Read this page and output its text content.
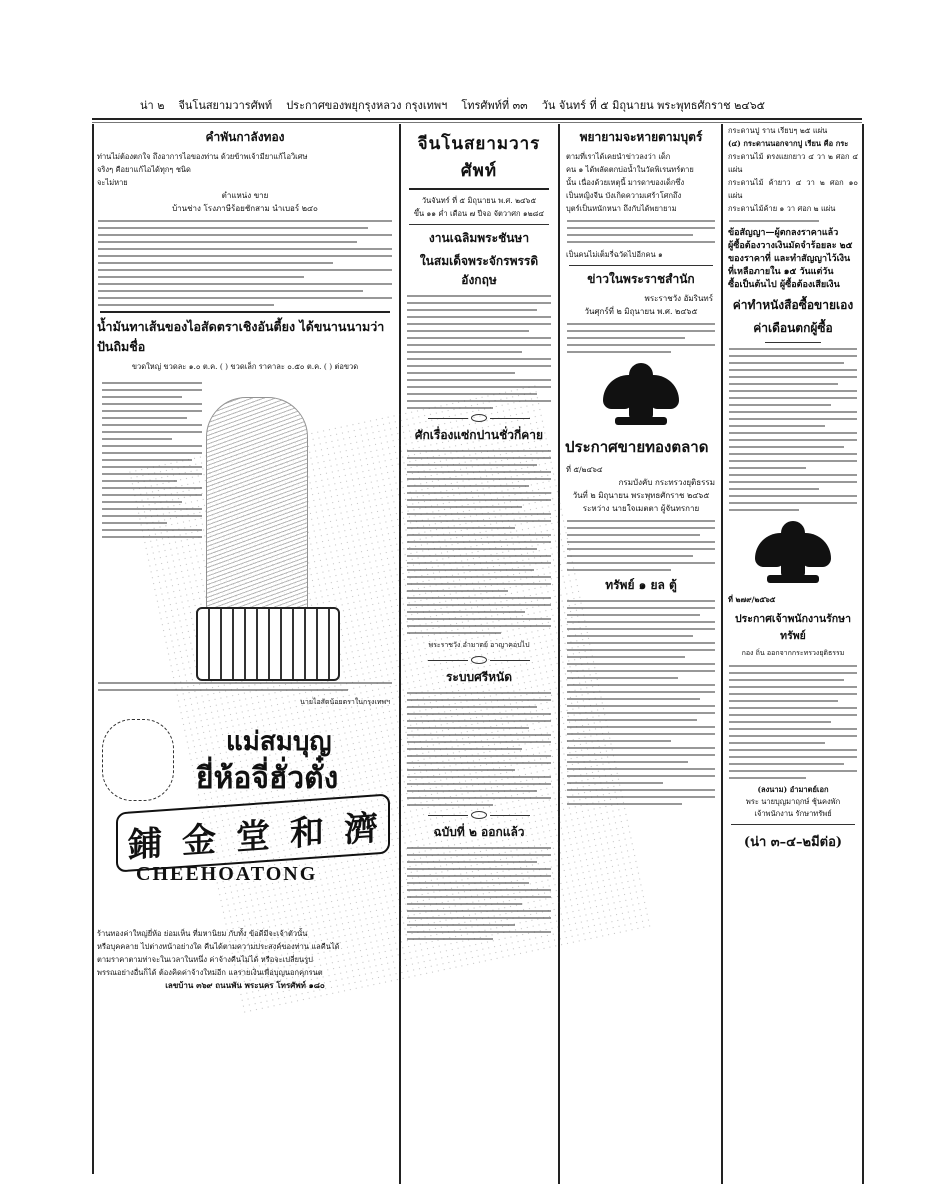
น่า ๒ จีนโนสยามวารศัพท์ ประกาศของพยุกรุงหลวง กรุงเทพฯ โทรศัพท์ที่ ๓๓ วัน จันทร์ ที่ ๕ มิถุนายน พระพุทธศักราช ๒๔๖๕
คำพันกาลังทอง
ท่านไม่ต้องตกใจ ถึงอาการไอของท่าน ด้วยข้าพเจ้ามียาแก้ไอวิเศษ
จริงๆ คือยาแก้ไอได้ทุกๆ ชนิด
จะไม่หาย
ตำแหน่ง ขาย
บ้านช่าง โรงภาษีร้อยชักสาม นำเบอร์ ๒๔๐
น้ำมันทาเส้นของไอสัดตราเชิงอันตี้ยง ได้ขนานนามว่า ปันถิมชื่อ
ขวดใหญ่ ขวดละ ๑.๐ ต.ค. ( ) ขวดเล็ก ราคาละ ๐.๕๐ ต.ค. ( ) ต่อขวด
นายไอสัดน้อยตราในกรุงเทพฯ
แม่สมบุญ
ยี่ห้อจี่ฮั่วตั๋ง
鋪 金 堂 和 濟
CHEEHOATONG
ร้านทองค่าใหญ่ยี่ห้อ ย่อมเห็น ที่มหานิยม กับทั้ง ข้อดีมีจะเจ้าตัวนั้น
หรือบุคคลาย ไปต่างหน้าอย่างใด คืนได้ตามความประสงค์ของท่าน แลคืนได้
ตามราคาตามท่าจะในเวลาในหนึ่ง ค่าจ้างคืนไม่ได้ หรือจะเปลี่ยนรูป
พรรณอย่างอื่นก็ได้ ต้องคิดค่าจ้างใหม่อีก แลรายเงินเพื่อบุญนอกคุกรนต
เลขบ้าน ๓๖๙ ถนนพัน พระนคร โทรศัพท์ ๑๘๐
จีนโนสยามวารศัพท์
วันจันทร์ ที่ ๕ มิถุนายน พ.ศ. ๒๔๖๕
ขึ้น ๑๑ ค่ำ เดือน ๗ ปีจอ จัตวาศก ๑๒๘๔
งานเฉลิมพระชันษา
ในสมเด็จพระจักรพรรดิอังกฤษ
ศักเรื่องแซ่กปานชั่วกี่คาย
พระราชวัง อำมาตย์ อาญาคอปไป
ระบบศรีหนัด
ฉบับที่ ๒ ออกแล้ว
พยายามจะหายตามบุตร์
ตามที่เราได้เคยนำข่าวลงว่า เด็ก
คน ๑ ได้พลัดตกบ่อน้ำในวัดพิเรนทร์ตาย
นั้น เนื่องด้วยเหตุนี้ มารดาของเด็กซึ่ง
เป็นหญิงจีน บังเกิดความเศร้าโศกถึง
บุตร์เป็นหนักหนา ถึงกับได้พยายาม
เป็นคนไม่เต็มรี่ฉวัดไปอีกคน ๑
ข่าวในพระราชสำนัก
พระราชวัง อัมรินทร์
วันศุกร์ที่ ๒ มิถุนายน พ.ศ. ๒๔๖๕
ประกาศขายทองตลาด
ที่ ๕/๒๔๖๔
กรมบังคับ กระทรวงยุติธรรม
วันที่ ๒ มิถุนายน พระพุทธศักราช ๒๔๖๕
ระหว่าง นายใจเมตตา ผู้จันทรกาย
ทรัพย์ ๑ ยล ตู้
กระดานปู ราน เรียบๆ ๒๕ แผ่น
(๔) กระดานนอกจากปู เรียน คือ กระ
กระดานไม้ ตรงแยกยาว ๔ วา ๒ ศอก ๔ แผ่น
กระดานไม้ ค้ายาว ๔ วา ๒ ศอก ๑๐ แผ่น
กระดานไม้ค้าย ๑ วา ศอก ๒ แผ่น
ข้อสัญญา—ผู้ตกลงราคาแล้ว
ผู้ซื้อต้องวางเงินมัดจำร้อยละ ๒๕
ของราคาที่ และทำสัญญาไว้เงิน
ที่เหลือภายใน ๑๕ วันแต่วัน
ซื้อเป็นต้นไป ผู้ซื้อต้องเสียเงิน
ค่าทำหนังสือซื้อขายเอง
ค่าเดือนตกผู้ซื้อ
ที่ ๒๗๙/๒๕๖๕
ประกาศเจ้าพนักงานรักษาทรัพย์
กอง ถิ่น ออกจากกระทรวงยุติธรรม
(ลงนาม) อำมาตย์เอก
พระ นายบุญมาฤกษ์ ชุ้นคงพัก
เจ้าพนักงาน รักษาทรัพย์
(น่า ๓–๔–๒มีต่อ)
